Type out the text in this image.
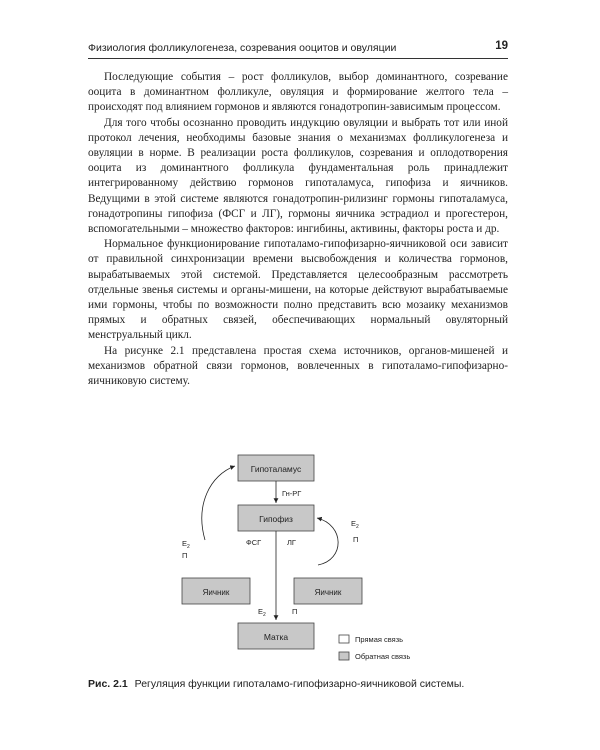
Физиология фолликулогенеза, созревания ооцитов и овуляции	19

Последующие события – рост фолликулов, выбор доминантного, созревание ооцита в доминантном фолликуле, овуляция и формирование желтого тела – происходят под влиянием гормонов и являются гонадотропин-зависимым процессом.

Для того чтобы осознанно проводить индукцию овуляции и выбрать тот или иной протокол лечения, необходимы базовые знания о механизмах фолликулогенеза и овуляции в норме. В реализации роста фолликулов, созревания и оплодотворения ооцита из доминантного фолликула фундаментальная роль принадлежит интегрированному действию гормонов гипоталамуса, гипофиза и яичников. Ведущими в этой системе являются гонадотропин-рилизинг гормоны гипоталамуса, гонадотропины гипофиза (ФСГ и ЛГ), гормоны яичника эстрадиол и прогестерон, вспомогательными – множество факторов: ингибины, активины, факторы роста и др.

Нормальное функционирование гипоталамо-гипофизарно-яичниковой оси зависит от правильной синхронизации времени высвобождения и количества гормонов, вырабатываемых этой системой. Представляется целесообразным рассмотреть отдельные звенья системы и органы-мишени, на которые действуют вырабатываемые ими гормоны, чтобы по возможности полно представить всю мозаику механизмов прямых и обратных связей, обеспечивающих нормальный овуляторный менструальный цикл.

На рисунке 2.1 представлена простая схема источников, органов-мишеней и механизмов обратной связи гормонов, вовлеченных в гипоталамо-гипофизарно-яичниковую систему.

Гипоталамус
Гипофиз
Яичник	Яичник
Матка
Гн-РГ
ФСГ	ЛГ
$E_2$
П
$E_2$
П
$E_2$	П
Прямая связь
Обратная связь
Рис. 2.1 Регуляция функции гипоталамо-гипофизарно-яичниковой системы.
